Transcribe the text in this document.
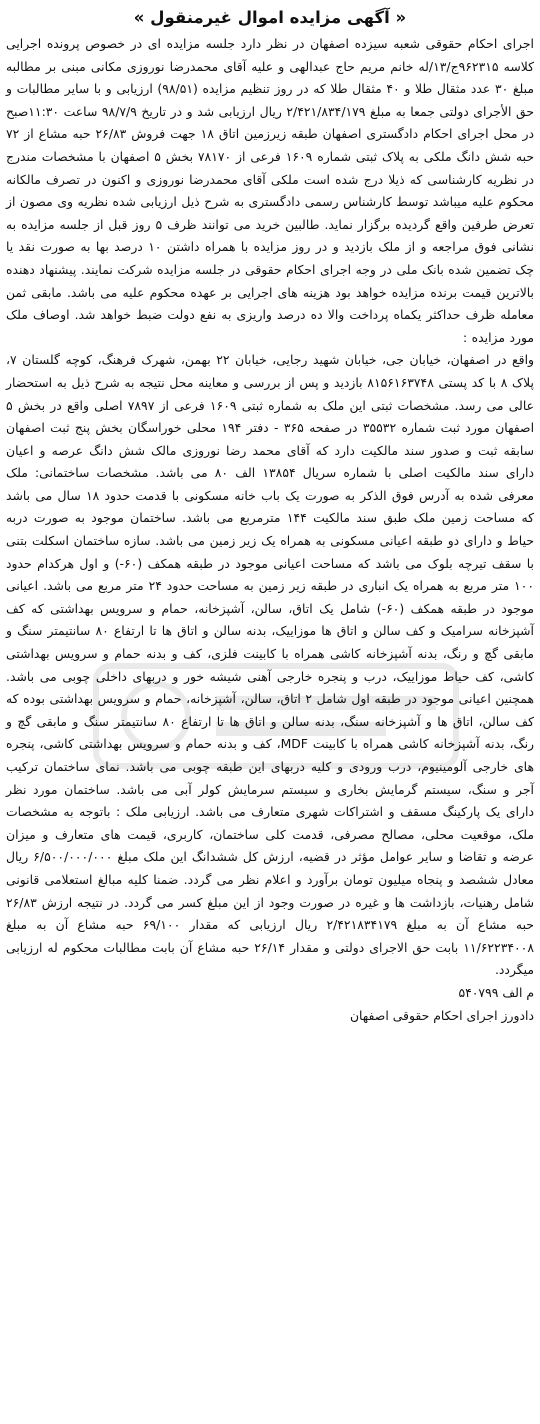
« آگهی مزایده اموال غیرمنقول »

اجرای احکام حقوقی شعبه سیزده اصفهان در نظر دارد جلسه مزایده ای در خصوص پرونده اجرایی کلاسه ۹۶۲۳۱۵ج/۱۳/له خانم مریم حاج عبدالهی و علیه آقای محمدرضا نوروزی مکانی مبنی بر مطالبه مبلغ ۳۰ عدد مثقال طلا و ۴۰ مثقال طلا که در روز تنظیم مزایده (۹۸/۵۱) ارزیابی و با سایر مطالبات و حق الأجرای دولتی جمعا به مبلغ ۲/۴۲۱/۸۳۴/۱۷۹ ریال ارزیابی شد و در تاریخ ۹۸/۷/۹ ساعت ۱۱:۳۰صبح در محل اجرای احکام دادگستری اصفهان طبقه زیرزمین اتاق ۱۸ جهت فروش ۲۶/۸۳ حبه مشاع از ۷۲ حبه شش دانگ ملکی به پلاک ثبتی شماره ۱۶۰۹ فرعی از ۷۸۱۷۰ بخش ۵ اصفهان با مشخصات مندرج در نظریه کارشناسی که ذیلا درج شده است ملکی آقای محمدرضا نوروزی و اکنون در تصرف مالکانه محکوم علیه میباشد توسط کارشناس رسمی دادگستری به شرح ذیل ارزیابی شده نظریه وی مصون از تعرض طرفین واقع گردیده برگزار نماید. طالبین خرید می توانند ظرف ۵ روز قبل از جلسه مزایده به نشانی فوق مراجعه و از ملک بازدید و در روز مزایده با همراه داشتن ۱۰ درصد بها به صورت نقد یا چک تضمین شده بانک ملی در وجه اجرای احکام حقوقی در جلسه مزایده شرکت نمایند. پیشنهاد دهنده بالاترین قیمت برنده مزایده خواهد بود هزینه های اجرایی بر عهده محکوم علیه می باشد. مابقی ثمن معامله ظرف حداکثر یکماه پرداخت والا ده درصد واریزی به نفع دولت ضبط خواهد شد. اوصاف ملک مورد مزایده :

واقع در اصفهان، خیابان جی، خیابان شهید رجایی، خیابان ۲۲ بهمن، شهرک فرهنگ، کوچه گلستان ۷، پلاک ۸ با کد پستی ۸۱۵۶۱۶۳۷۴۸ بازدید و پس از بررسی و معاینه محل نتیجه به شرح ذیل به استحضار عالی می رسد. مشخصات ثبتی این ملک به شماره ثبتی ۱۶۰۹ فرعی از ۷۸۹۷ اصلی واقع در بخش ۵ اصفهان مورد ثبت شماره ۳۵۵۳۲ در صفحه ۳۶۵ - دفتر ۱۹۴ محلی خوراسگان بخش پنج ثبت اصفهان سابقه ثبت و صدور سند مالکیت دارد که آقای محمد رضا نوروزی مالک شش دانگ عرصه و اعیان دارای سند مالکیت اصلی با شماره سریال ۱۳۸۵۴ الف ۸۰ می باشد. مشخصات ساختمانی: ملک معرفی شده به آدرس فوق الذکر به صورت یک باب خانه مسکونی با قدمت حدود ۱۸ سال می باشد که مساحت زمین ملک طبق سند مالکیت ۱۴۴ مترمربع می باشد. ساختمان موجود به صورت دربه حیاط و دارای دو طبقه اعیانی مسکونی به همراه یک زیر زمین می باشد. سازه ساختمان اسکلت بتنی با سقف تیرچه بلوک می باشد که مساحت اعیانی موجود در طبقه همکف (۶۰-) و اول هرکدام حدود ۱۰۰ متر مربع به همراه یک انباری در طبقه زیر زمین به مساحت حدود ۲۴ متر مربع می باشد. اعیانی موجود در طبقه همکف (۶۰-) شامل یک اتاق، سالن، آشپزخانه، حمام و سرویس بهداشتی که کف آشپزخانه سرامیک و کف سالن و اتاق ها موزاییک، بدنه سالن و اتاق ها تا ارتفاع ۸۰ سانتیمتر سنگ و مابقی گچ و رنگ، بدنه آشپزخانه کاشی همراه با کابینت فلزی، کف و بدنه حمام و سرویس بهداشتی کاشی، کف حیاط موزاییک، درب و پنجره خارجی آهنی شیشه خور و دربهای داخلی چوبی می باشد. همچنین اعیانی موجود در طبقه اول شامل ۲ اتاق، سالن، آشپزخانه، حمام و سرویس بهداشتی بوده که کف سالن، اتاق ها و آشپزخانه سنگ، بدنه سالن و اتاق ها تا ارتفاع ۸۰ سانتیمتر سنگ و مابقی گچ و رنگ، بدنه آشپزخانه کاشی همراه با کابینت MDF، کف و بدنه حمام و سرویس بهداشتی کاشی، پنجره های خارجی آلومینیوم، درب ورودی و کلیه دربهای این طبقه چوبی می باشد. نمای ساختمان ترکیب آجر و سنگ، سیستم گرمایش بخاری و سیستم سرمایش کولر آبی می باشد. ساختمان مورد نظر دارای یک پارکینگ مسقف و اشتراکات شهری متعارف می باشد. ارزیابی ملک : باتوجه به مشخصات ملک، موقعیت محلی، مصالح مصرفی، قدمت کلی ساختمان، کاربری، قیمت های متعارف و میزان عرضه و تقاضا و سایر عوامل مؤثر در قضیه، ارزش کل ششدانگ این ملک مبلغ ۶/۵۰۰/۰۰۰/۰۰۰ ریال معادل ششصد و پنجاه میلیون تومان برآورد و اعلام نظر می گردد. ضمنا کلیه مبالغ استعلامی قانونی شامل رهنیات، بازداشت ها و غیره در صورت وجود از این مبلغ کسر می گردد. در نتیجه ارزش ۲۶/۸۳ حبه مشاع آن به مبلغ ۲/۴۲۱۸۳۴۱۷۹ ریال ارزیابی که مقدار ۶۹/۱۰۰ حبه مشاع آن به مبلغ ۱۱/۶۲۲۳۴۰۰۸ بابت حق الاجرای دولتی و مقدار ۲۶/۱۴ حبه مشاع آن بابت مطالبات محکوم له ارزیابی میگردد.

م الف ۵۴۰۷۹۹
دادورز اجرای احکام حقوقی اصفهان
